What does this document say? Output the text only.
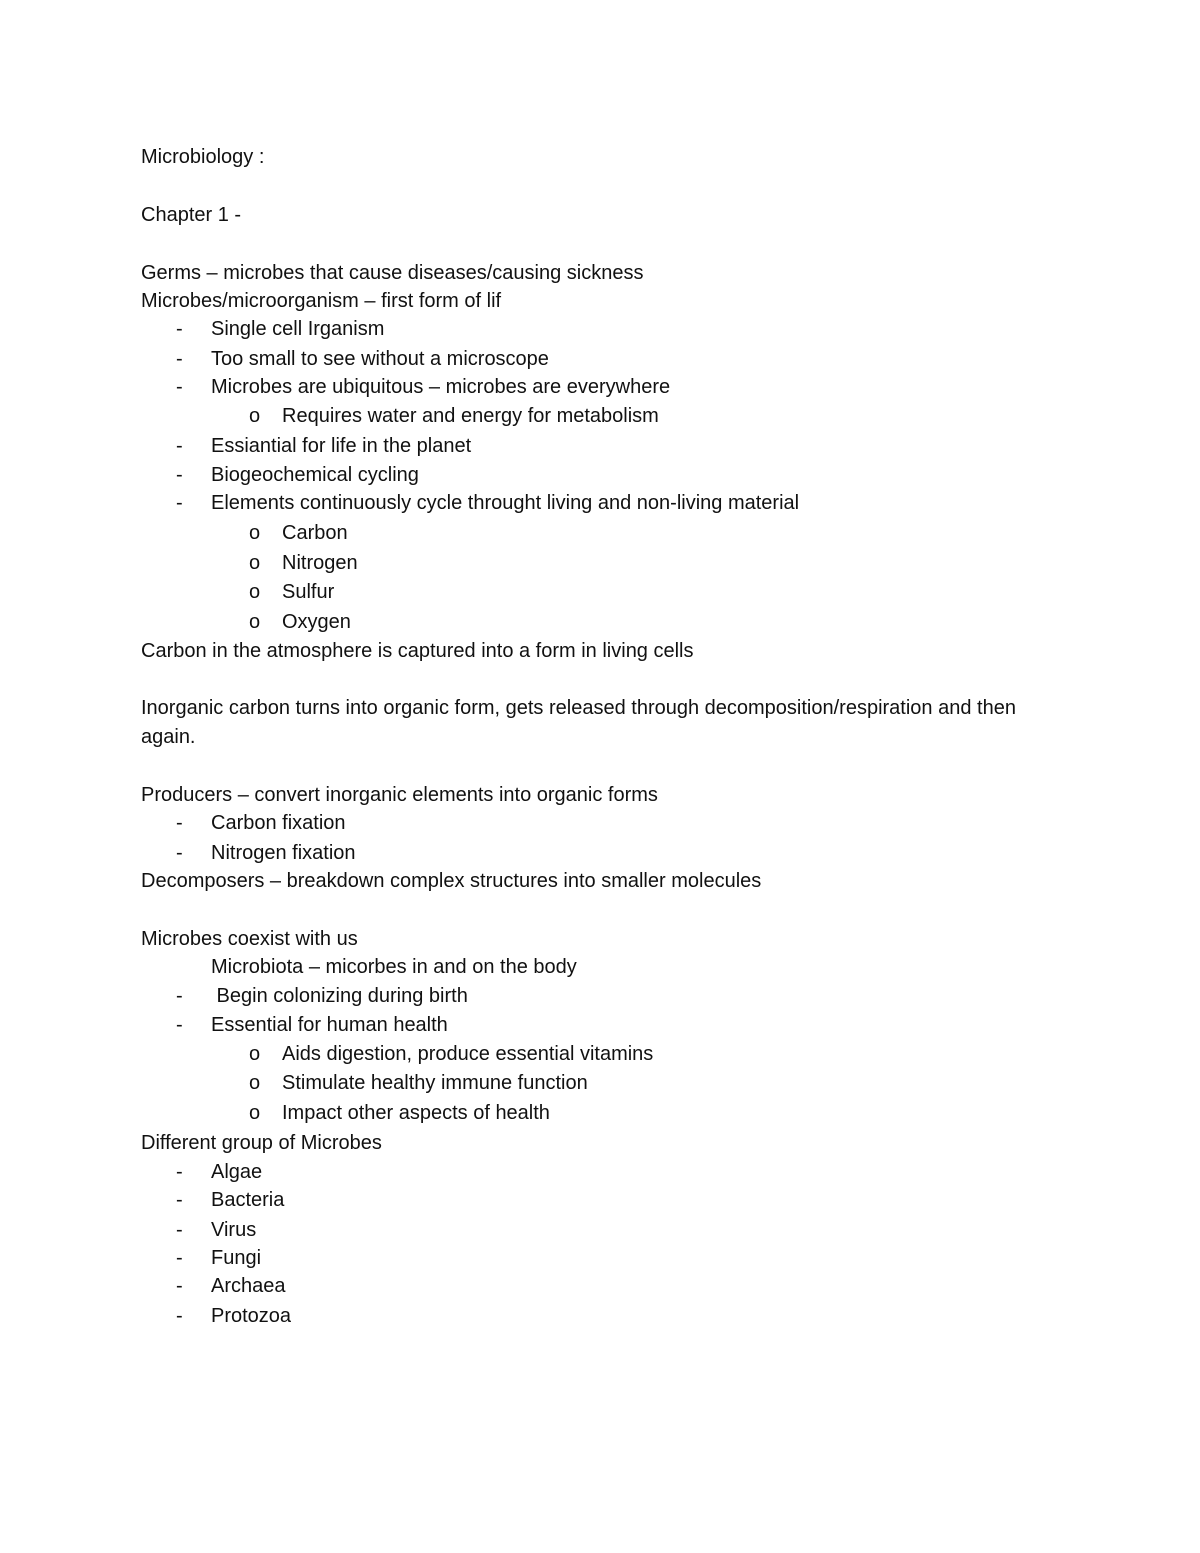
Microbiology :

Chapter 1 -

Germs – microbes that cause diseases/causing sickness

Microbes/microorganism – first form of lif

- Single cell Irganism

- Too small to see without a microscope

- Microbes are ubiquitous – microbes are everywhere

o Requires water and energy for metabolism

- Essiantial for life in the planet

- Biogeochemical cycling

- Elements continuously cycle throught living and non-living material

o Carbon

o Nitrogen

o Sulfur

o Oxygen

Carbon in the atmosphere is captured into a form in living cells

Inorganic carbon turns into organic form, gets released through decomposition/respiration and then again.

Producers – convert inorganic elements into organic forms

- Carbon fixation

- Nitrogen fixation

Decomposers – breakdown complex structures into smaller molecules

Microbes coexist with us

Microbiota – micorbes in and on the body

- Begin colonizing during birth

- Essential for human health

o Aids digestion, produce essential vitamins

o Stimulate healthy immune function

o Impact other aspects of health

Different group of Microbes

- Algae

- Bacteria

- Virus

- Fungi

- Archaea

- Protozoa
